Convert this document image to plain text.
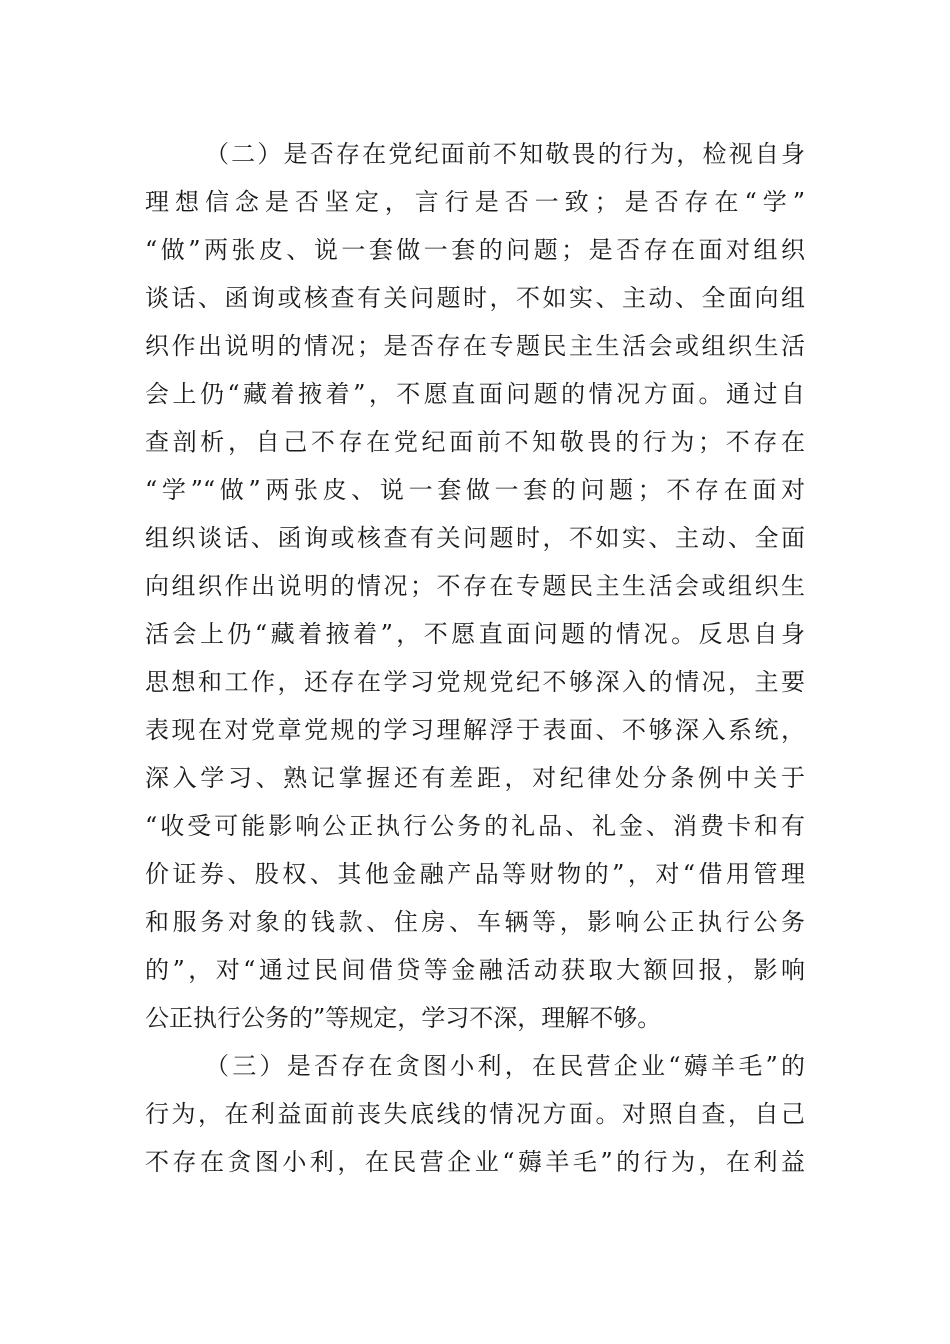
（二）是否存在党纪面前不知敬畏的行为，检视自身
理想信念是否坚定，言行是否一致；是否存在“学”
“做”两张皮、说一套做一套的问题；是否存在面对组织
谈话、函询或核查有关问题时，不如实、主动、全面向组
织作出说明的情况；是否存在专题民主生活会或组织生活
会上仍“藏着掖着”，不愿直面问题的情况方面。通过自
查剖析，自己不存在党纪面前不知敬畏的行为；不存在
“学”“做”两张皮、说一套做一套的问题；不存在面对
组织谈话、函询或核查有关问题时，不如实、主动、全面
向组织作出说明的情况；不存在专题民主生活会或组织生
活会上仍“藏着掖着”，不愿直面问题的情况。反思自身
思想和工作，还存在学习党规党纪不够深入的情况，主要
表现在对党章党规的学习理解浮于表面、不够深入系统，
深入学习、熟记掌握还有差距，对纪律处分条例中关于
“收受可能影响公正执行公务的礼品、礼金、消费卡和有
价证券、股权、其他金融产品等财物的”，对“借用管理
和服务对象的钱款、住房、车辆等，影响公正执行公务
的”，对“通过民间借贷等金融活动获取大额回报，影响
公正执行公务的”等规定，学习不深，理解不够。
（三）是否存在贪图小利，在民营企业“薅羊毛”的
行为，在利益面前丧失底线的情况方面。对照自查，自己
不存在贪图小利，在民营企业“薅羊毛”的行为，在利益
